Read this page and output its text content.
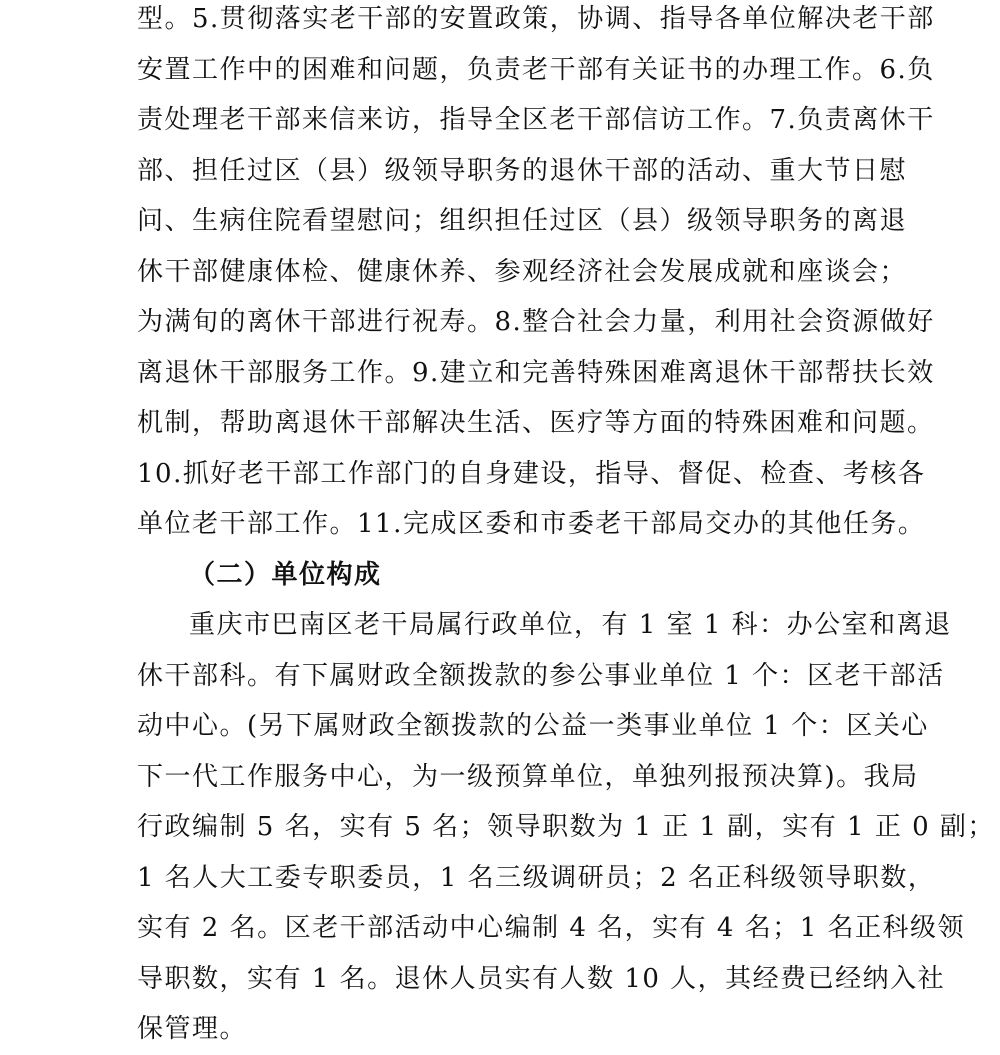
型。5.贯彻落实老干部的安置政策，协调、指导各单位解决老干部
安置工作中的困难和问题，负责老干部有关证书的办理工作。6.负
责处理老干部来信来访，指导全区老干部信访工作。7.负责离休干
部、担任过区（县）级领导职务的退休干部的活动、重大节日慰
问、生病住院看望慰问；组织担任过区（县）级领导职务的离退
休干部健康体检、健康休养、参观经济社会发展成就和座谈会；
为满旬的离休干部进行祝寿。8.整合社会力量，利用社会资源做好
离退休干部服务工作。9.建立和完善特殊困难离退休干部帮扶长效
机制，帮助离退休干部解决生活、医疗等方面的特殊困难和问题。
10.抓好老干部工作部门的自身建设，指导、督促、检查、考核各
单位老干部工作。11.完成区委和市委老干部局交办的其他任务。
（二）单位构成
重庆市巴南区老干局属行政单位，有 1 室 1 科：办公室和离退
休干部科。有下属财政全额拨款的参公事业单位 1 个：区老干部活
动中心。(另下属财政全额拨款的公益一类事业单位 1 个：区关心
下一代工作服务中心，为一级预算单位，单独列报预决算)。我局
行政编制 5 名，实有 5 名；领导职数为 1 正 1 副，实有 1 正 0 副；
1 名人大工委专职委员，1 名三级调研员；2 名正科级领导职数，
实有 2 名。区老干部活动中心编制 4 名，实有 4 名；1 名正科级领
导职数，实有 1 名。退休人员实有人数 10 人，其经费已经纳入社
保管理。
